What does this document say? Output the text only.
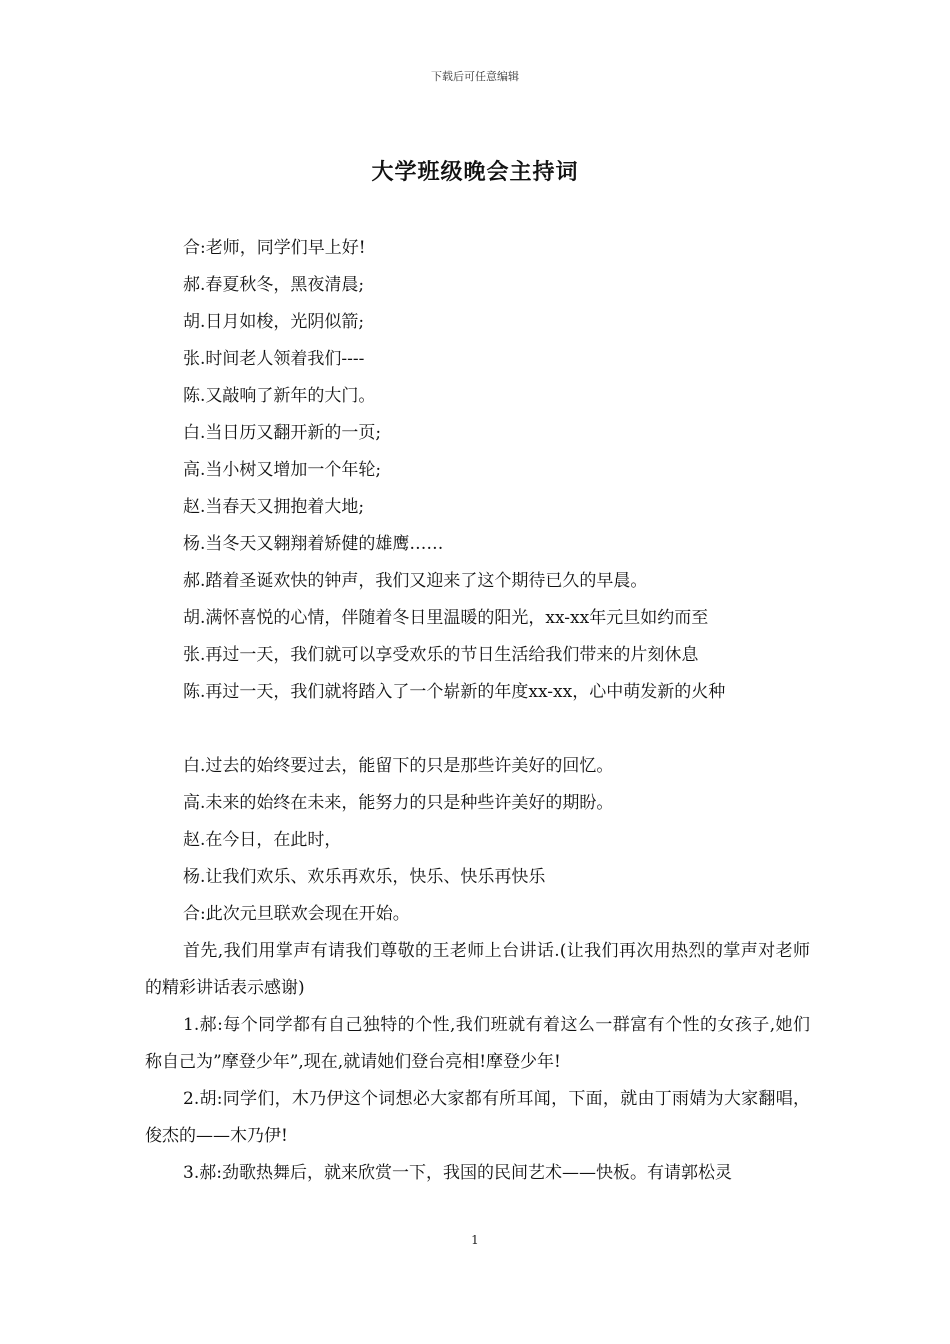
下载后可任意编辑
大学班级晚会主持词
合:老师，同学们早上好!
郝.春夏秋冬，黑夜清晨;
胡.日月如梭，光阴似箭;
张.时间老人领着我们----
陈.又敲响了新年的大门。
白.当日历又翻开新的一页;
高.当小树又增加一个年轮;
赵.当春天又拥抱着大地;
杨.当冬天又翱翔着矫健的雄鹰……
郝.踏着圣诞欢快的钟声，我们又迎来了这个期待已久的早晨。
胡.满怀喜悦的心情，伴随着冬日里温暖的阳光，xx-xx年元旦如约而至
张.再过一天，我们就可以享受欢乐的节日生活给我们带来的片刻休息
陈.再过一天，我们就将踏入了一个崭新的年度xx-xx，心中萌发新的火种
白.过去的始终要过去，能留下的只是那些许美好的回忆。
高.未来的始终在未来，能努力的只是种些许美好的期盼。
赵.在今日，在此时，
杨.让我们欢乐、欢乐再欢乐，快乐、快乐再快乐
合:此次元旦联欢会现在开始。
首先,我们用掌声有请我们尊敬的王老师上台讲话.(让我们再次用热烈的掌声对老师的精彩讲话表示感谢)
1.郝:每个同学都有自己独特的个性,我们班就有着这么一群富有个性的女孩子,她们称自己为”摩登少年”,现在,就请她们登台亮相!摩登少年!
2.胡:同学们，木乃伊这个词想必大家都有所耳闻，下面，就由丁雨婧为大家翻唱，俊杰的——木乃伊!
3.郝:劲歌热舞后，就来欣赏一下，我国的民间艺术——快板。有请郭松灵
1
